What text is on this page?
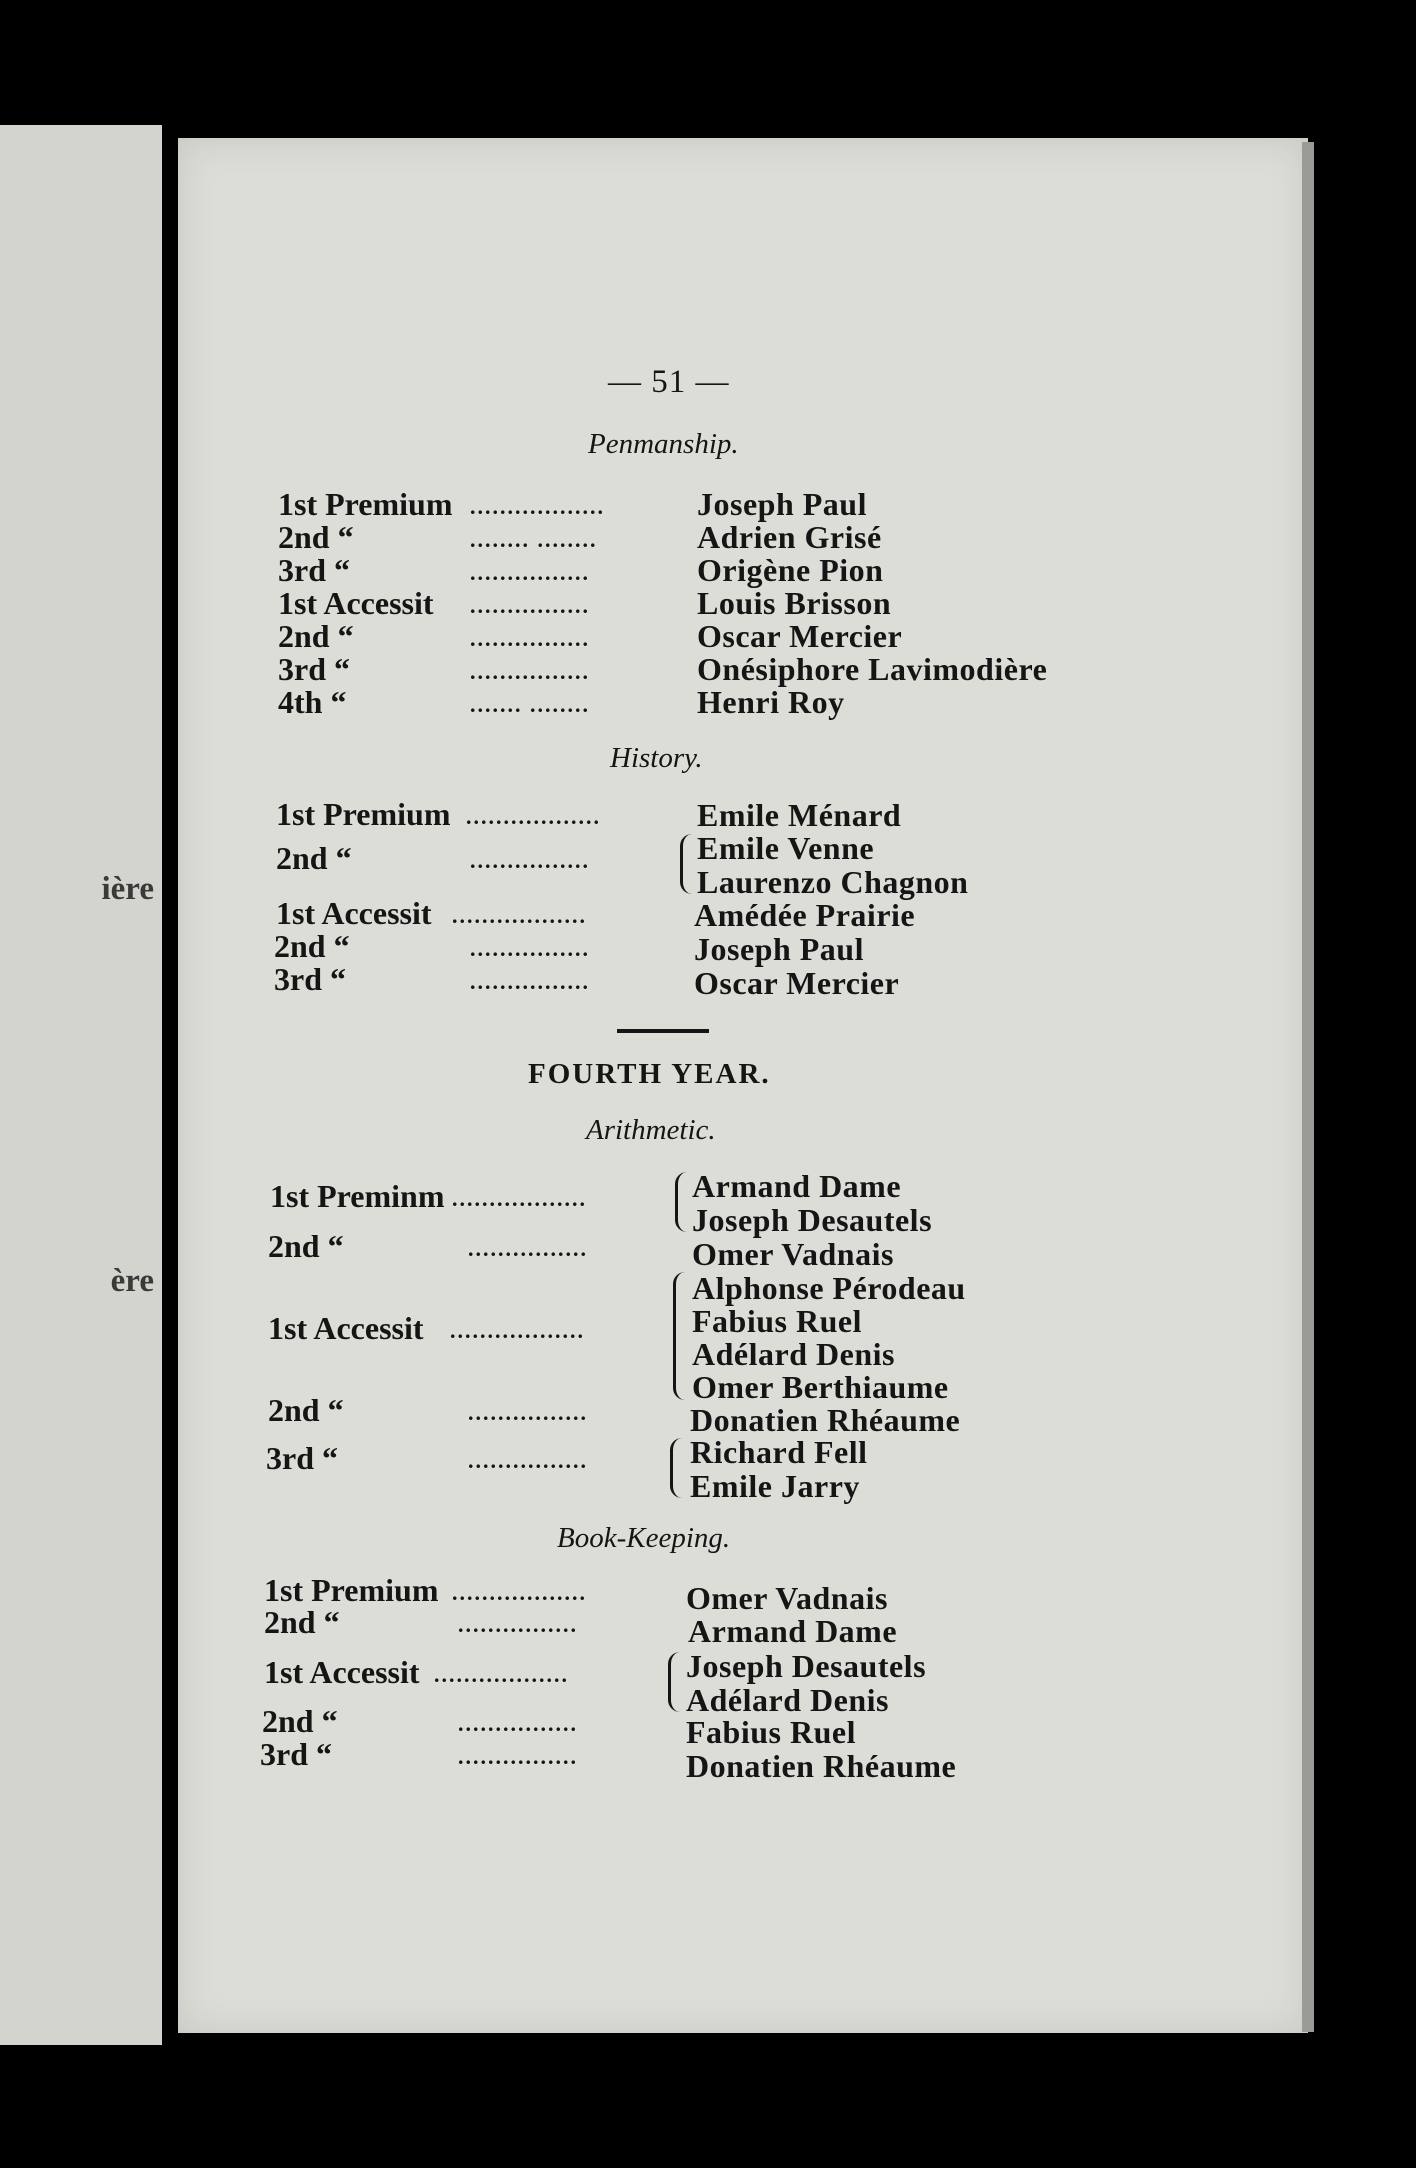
ière
ère
— 51 —
Penmanship.
1st Premium ..................	Joseph Paul
2nd “	........ ........	Adrien Grisé
3rd “	................	Origène Pion
1st Accessit ................	Louis Brisson
2nd “	................	Oscar Mercier
3rd “	................	Onésiphore Lavimodière
4th “	....... ........	Henri Roy
History.
1st Premium ..................	Emile Ménard
2nd “	................	Emile Venne
Laurenzo Chagnon
1st Accessit ..................	Amédée Prairie
2nd “	................	Joseph Paul
3rd “	................	Oscar Mercier
FOURTH YEAR.
Arithmetic.
1st Preminm ..................	Armand Dame
Joseph Desautels
2nd “	................	Omer Vadnais
1st Accessit ..................
Alphonse Pérodeau
Fabius Ruel
Adélard Denis
Omer Berthiaume
2nd “	................	Donatien Rhéaume
3rd “	................	Richard Fell
Emile Jarry
Book-Keeping.
1st Premium ..................	Omer Vadnais
2nd “	................	Armand Dame
1st Accessit ..................	Joseph Desautels
Adélard Denis
2nd “	................	Fabius Ruel
3rd “	................	Donatien Rhéaume
